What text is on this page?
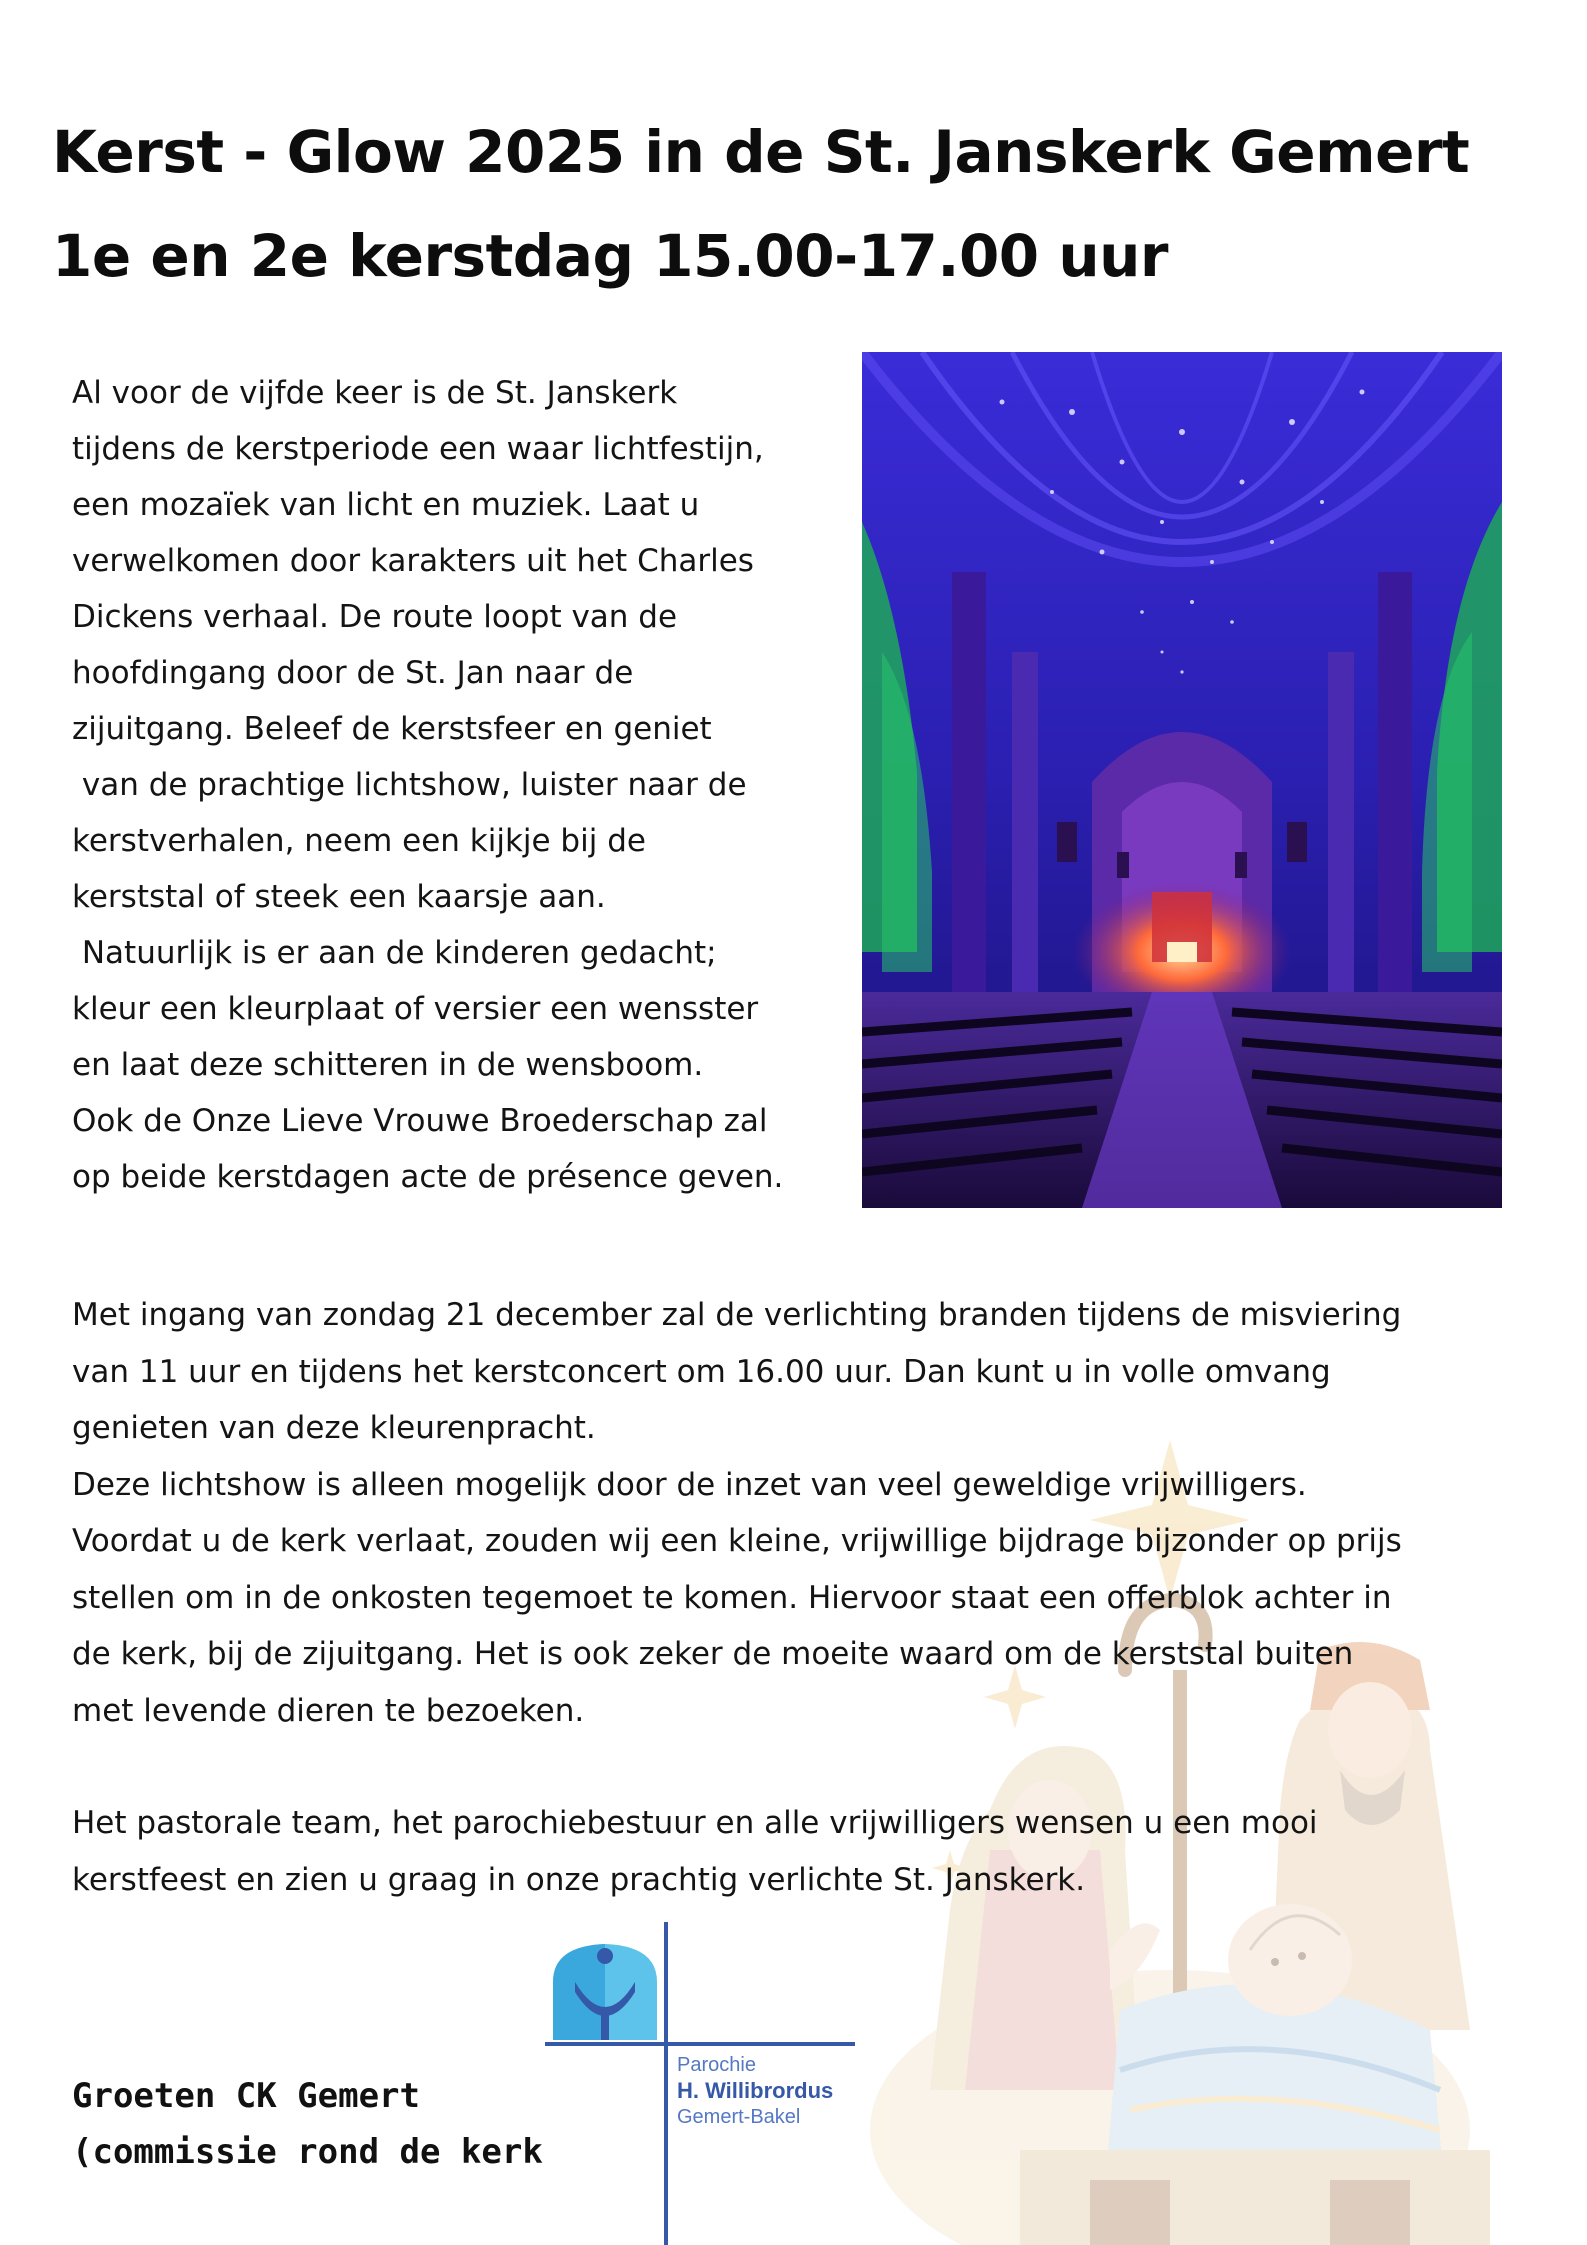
Kerst - Glow 2025 in de St. Janskerk Gemert
1e en 2e kerstdag 15.00-17.00 uur
Al voor de vijfde keer is de St. Janskerk
tijdens de kerstperiode een waar lichtfestijn,
een mozaïek van licht en muziek. Laat u
verwelkomen door karakters uit het Charles
Dickens verhaal. De route loopt van de
hoofdingang door de St. Jan naar de
zijuitgang. Beleef de kerstsfeer en geniet
van de prachtige lichtshow, luister naar de
kerstverhalen, neem een kijkje bij de
kerststal of steek een kaarsje aan.
Natuurlijk is er aan de kinderen gedacht;
kleur een kleurplaat of versier een wensster
en laat deze schitteren in de wensboom.
Ook de Onze Lieve Vrouwe Broederschap zal
op beide kerstdagen acte de présence geven.
Met ingang van zondag 21 december zal de verlichting branden tijdens de misviering
van 11 uur en tijdens het kerstconcert om 16.00 uur. Dan kunt u in volle omvang
genieten van deze kleurenpracht.
Deze lichtshow is alleen mogelijk door de inzet van veel geweldige vrijwilligers.
Voordat u de kerk verlaat, zouden wij een kleine, vrijwillige bijdrage bijzonder op prijs
stellen om in de onkosten tegemoet te komen. Hiervoor staat een offerblok achter in
de kerk, bij de zijuitgang. Het is ook zeker de moeite waard om de kerststal buiten
met levende dieren te bezoeken.
Het pastorale team, het parochiebestuur en alle vrijwilligers wensen u een mooi
kerstfeest en zien u graag in onze prachtig verlichte St. Janskerk.
Parochie
H. Willibrordus
Gemert-Bakel
Groeten CK Gemert
(commissie rond de kerk
